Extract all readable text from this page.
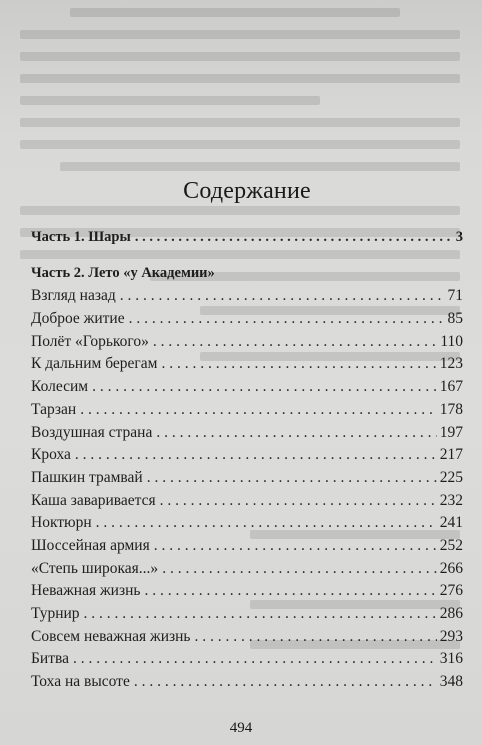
Содержание
Часть 1. Шары . . .	3
Часть 2. Лето «у Академии»
Взгляд назад . . .	71
Доброе житие . . .	85
Полёт «Горького» . . .	110
К дальним берегам . . .	123
Колесим . . .	167
Тарзан . . .	178
Воздушная страна . . .	197
Кроха . . .	217
Пашкин трамвай . . .	225
Каша заваривается . . .	232
Ноктюрн . . .	241
Шоссейная армия . . .	252
«Степь широкая...» . . .	266
Неважная жизнь . . .	276
Турнир . . .	286
Совсем неважная жизнь . . .	293
Битва . . .	316
Тоха на высоте . . .	348
494
